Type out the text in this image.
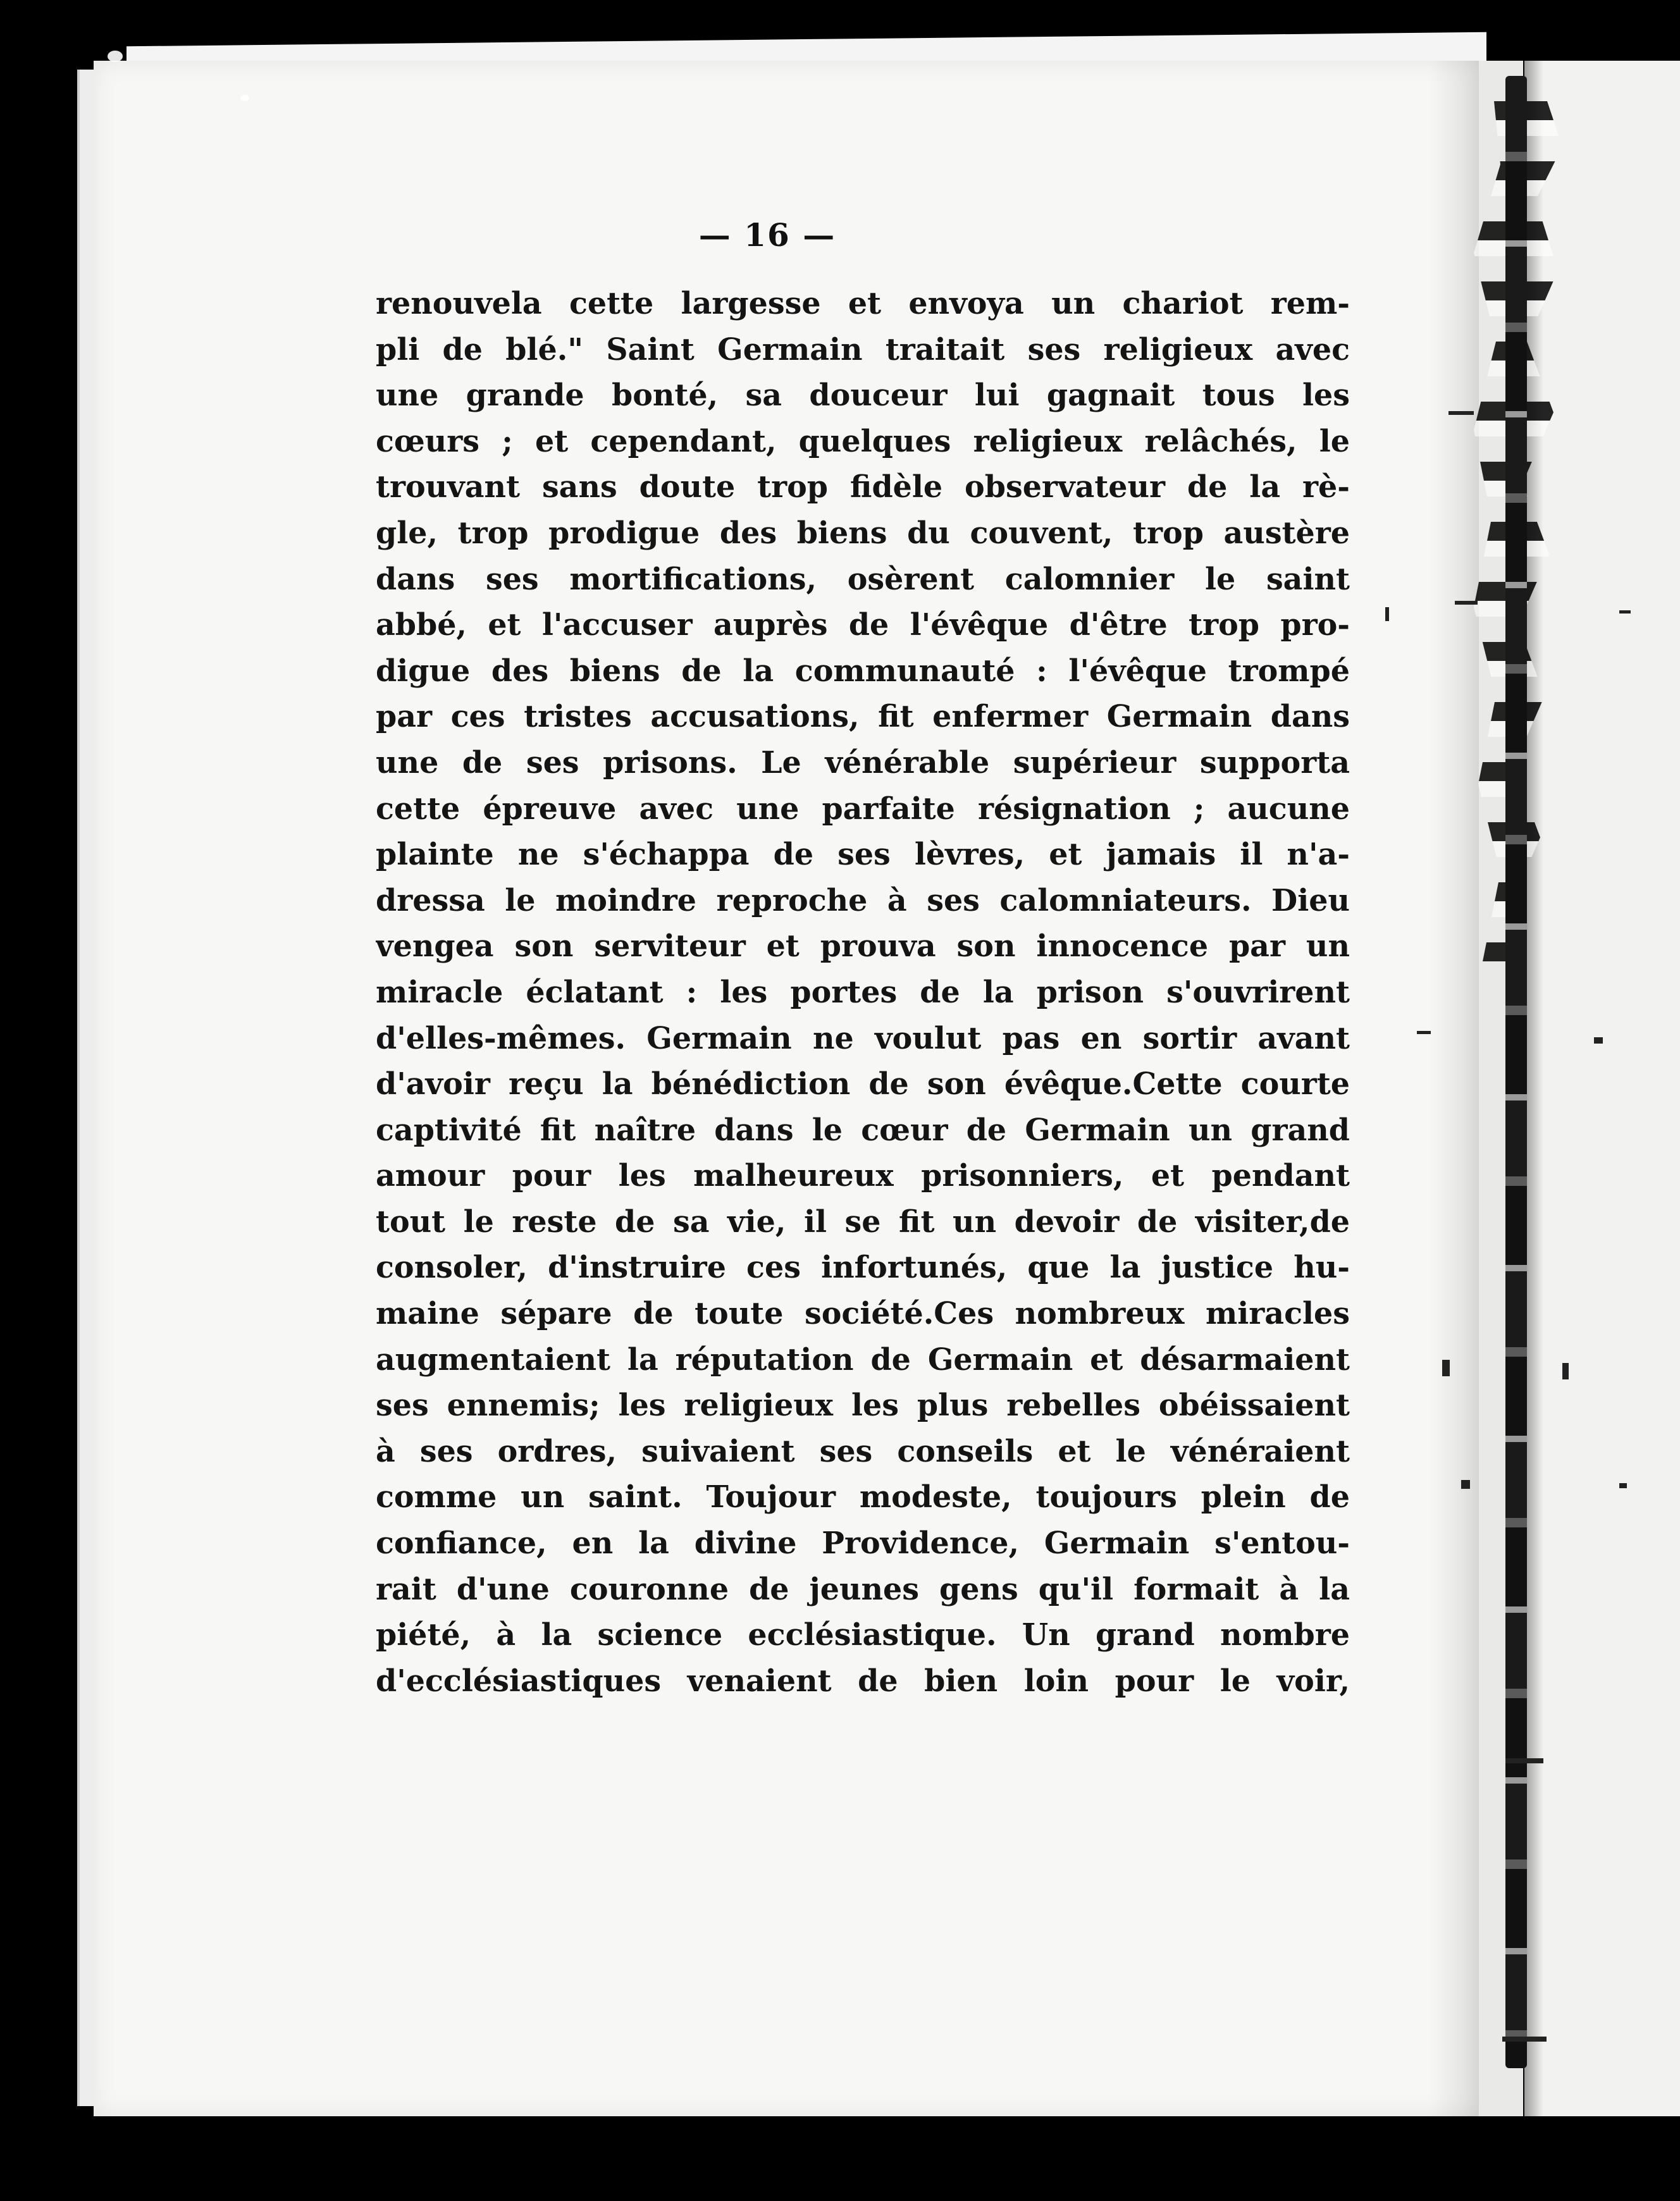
— 16 —
renouvela cette largesse et envoya un chariot rem-
pli de blé." Saint Germain traitait ses religieux avec
une grande bonté, sa douceur lui gagnait tous les
cœurs ; et cependant, quelques religieux relâchés, le
trouvant sans doute trop fidèle observateur de la rè-
gle, trop prodigue des biens du couvent, trop austère
dans ses mortifications, osèrent calomnier le saint
abbé, et l'accuser auprès de l'évêque d'être trop pro-
digue des biens de la communauté : l'évêque trompé
par ces tristes accusations, fit enfermer Germain dans
une de ses prisons. Le vénérable supérieur supporta
cette épreuve avec une parfaite résignation ; aucune
plainte ne s'échappa de ses lèvres, et jamais il n'a-
dressa le moindre reproche à ses calomniateurs. Dieu
vengea son serviteur et prouva son innocence par un
miracle éclatant : les portes de la prison s'ouvrirent
d'elles-mêmes. Germain ne voulut pas en sortir avant
d'avoir reçu la bénédiction de son évêque.Cette courte
captivité fit naître dans le cœur de Germain un grand
amour pour les malheureux prisonniers, et pendant
tout le reste de sa vie, il se fit un devoir de visiter,de
consoler, d'instruire ces infortunés, que la justice hu-
maine sépare de toute société.Ces nombreux miracles
augmentaient la réputation de Germain et désarmaient
ses ennemis; les religieux les plus rebelles obéissaient
à ses ordres, suivaient ses conseils et le vénéraient
comme un saint. Toujour modeste, toujours plein de
confiance, en la divine Providence, Germain s'entou-
rait d'une couronne de jeunes gens qu'il formait à la
piété, à la science ecclésiastique. Un grand nombre
d'ecclésiastiques venaient de bien loin pour le voir,
